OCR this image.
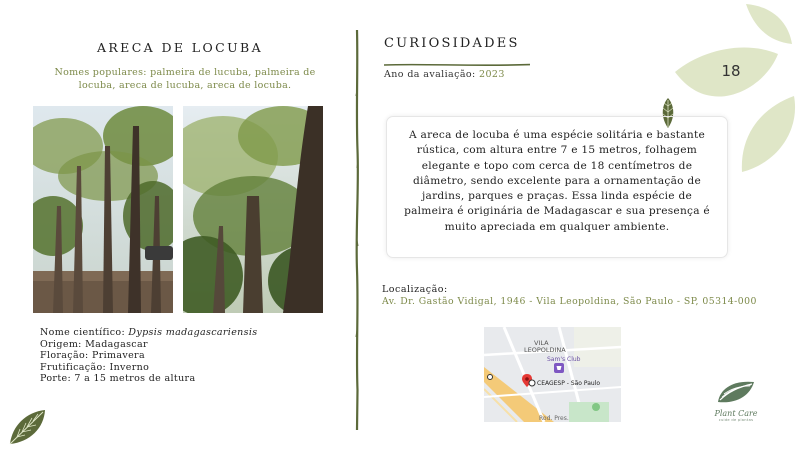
ARECA DE LOCUBA
Nomes populares: palmeira de lucuba, palmeira de locuba, areca de lucuba, areca de locuba.
Nome científico: Dypsis madagascariensis
Origem: Madagascar
Floração: Primavera
Frutificação: Inverno
Porte: 7 a 15 metros de altura
CURIOSIDADES
Ano da avaliação: 2023
A areca de locuba é uma espécie solitária e bastante rústica, com altura entre 7 e 15 metros, folhagem elegante e topo com cerca de 18 centímetros de diâmetro, sendo excelente para a ornamentação de jardins, parques e praças. Essa linda espécie de palmeira é originária de Madagascar e sua presença é muito apreciada em qualquer ambiente.
Localização:
Av. Dr. Gastão Vidigal, 1946 - Vila Leopoldina, São Paulo - SP, 05314-000
VILA LEOPOLDINA
Sam's Club
CEAGESP - São Paulo
Rod. Pres.
18
Plant Care
cuide de plantas
